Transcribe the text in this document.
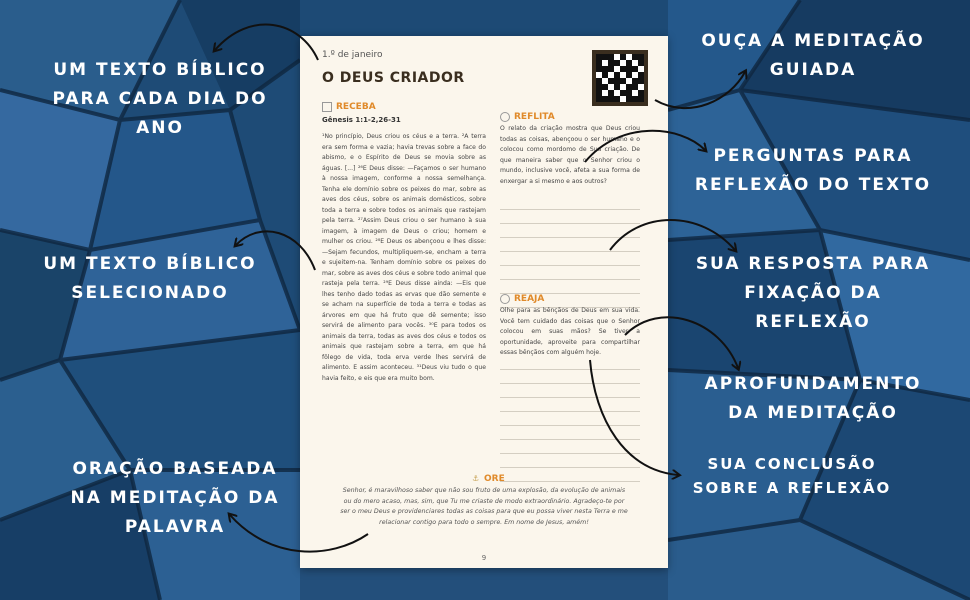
1.º de janeiro
O DEUS CRIADOR
RECEBA
Gênesis 1:1-2,26-31
¹No princípio, Deus criou os céus e a terra. ²A terra era sem forma e vazia; havia trevas sobre a face do abismo, e o Espírito de Deus se movia sobre as águas. [...] ²⁶E Deus disse: —Façamos o ser humano à nossa imagem, conforme a nossa semelhança. Tenha ele domínio sobre os peixes do mar, sobre as aves dos céus, sobre os animais domésticos, sobre toda a terra e sobre todos os animais que rastejam pela terra. ²⁷Assim Deus criou o ser humano à sua imagem, à imagem de Deus o criou; homem e mulher os criou. ²⁸E Deus os abençoou e lhes disse: —Sejam fecundos, multipliquem-se, encham a terra e sujeitem-na. Tenham domínio sobre os peixes do mar, sobre as aves dos céus e sobre todo animal que rasteja pela terra. ²⁹E Deus disse ainda: —Eis que lhes tenho dado todas as ervas que dão semente e se acham na superfície de toda a terra e todas as árvores em que há fruto que dê semente; isso servirá de alimento para vocês. ³⁰E para todos os animais da terra, todas as aves dos céus e todos os animais que rastejam sobre a terra, em que há fôlego de vida, toda erva verde lhes servirá de alimento. E assim aconteceu. ³¹Deus viu tudo o que havia feito, e eis que era muito bom.
REFLITA
O relato da criação mostra que Deus criou todas as coisas, abençoou o ser humano e o colocou como mordomo de Sua criação. De que maneira saber que o Senhor criou o mundo, inclusive você, afeta a sua forma de enxergar a si mesmo e aos outros?
REAJA
Olhe para as bênçãos de Deus em sua vida. Você tem cuidado das coisas que o Senhor colocou em suas mãos? Se tiver a oportunidade, aproveite para compartilhar essas bênçãos com alguém hoje.
⚓ ORE
Senhor, é maravilhoso saber que não sou fruto de uma explosão, da evolução de animais ou do mero acaso, mas, sim, que Tu me criaste de modo extraordinário. Agradeço-te por ser o meu Deus e providenciares todas as coisas para que eu possa viver nesta Terra e me relacionar contigo para todo o sempre. Em nome de Jesus, amém!
9
UM TEXTO BÍBLICO
PARA CADA DIA DO
ANO
UM TEXTO BÍBLICO
SELECIONADO
ORAÇÃO BASEADA
NA MEDITAÇÃO DA
PALAVRA
OUÇA A MEDITAÇÃO
GUIADA
PERGUNTAS PARA
REFLEXÃO DO TEXTO
SUA RESPOSTA PARA
FIXAÇÃO DA
REFLEXÃO
APROFUNDAMENTO
DA MEDITAÇÃO
SUA CONCLUSÃO
SOBRE A REFLEXÃO
